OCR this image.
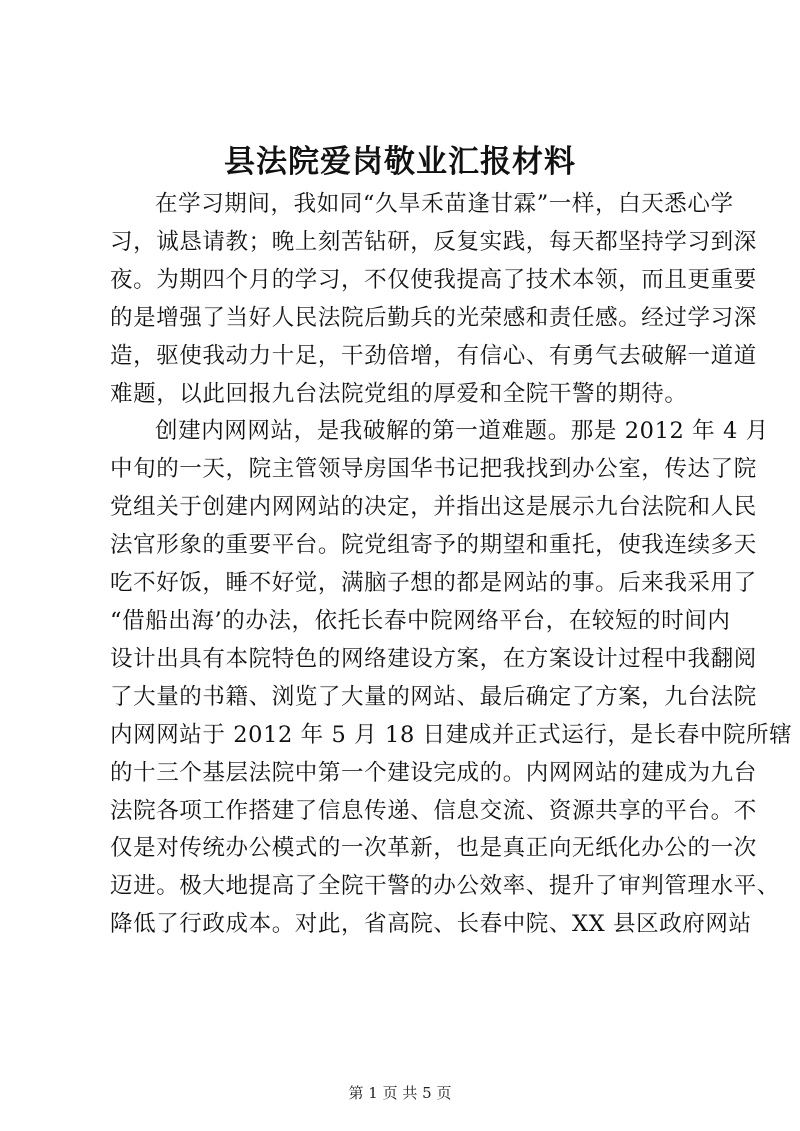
县法院爱岗敬业汇报材料

在学习期间，我如同“久旱禾苗逢甘霖”一样，白天悉心学
习，诚恳请教；晚上刻苦钻研，反复实践，每天都坚持学习到深
夜。为期四个月的学习，不仅使我提高了技术本领，而且更重要
的是增强了当好人民法院后勤兵的光荣感和责任感。经过学习深
造，驱使我动力十足，干劲倍增，有信心、有勇气去破解一道道
难题，以此回报九台法院党组的厚爱和全院干警的期待。

创建内网网站，是我破解的第一道难题。那是 2012 年 4 月
中旬的一天，院主管领导房国华书记把我找到办公室，传达了院
党组关于创建内网网站的决定，并指出这是展示九台法院和人民
法官形象的重要平台。院党组寄予的期望和重托，使我连续多天
吃不好饭，睡不好觉，满脑子想的都是网站的事。后来我采用了
“借船出海’的办法，依托长春中院网络平台，在较短的时间内
设计出具有本院特色的网络建设方案，在方案设计过程中我翻阅
了大量的书籍、浏览了大量的网站、最后确定了方案，九台法院
内网网站于 2012 年 5 月 18 日建成并正式运行，是长春中院所辖
的十三个基层法院中第一个建设完成的。内网网站的建成为九台
法院各项工作搭建了信息传递、信息交流、资源共享的平台。不
仅是对传统办公模式的一次革新，也是真正向无纸化办公的一次
迈进。极大地提高了全院干警的办公效率、提升了审判管理水平、
降低了行政成本。对此，省高院、长春中院、XX 县区政府网站

第 1 页 共 5 页
